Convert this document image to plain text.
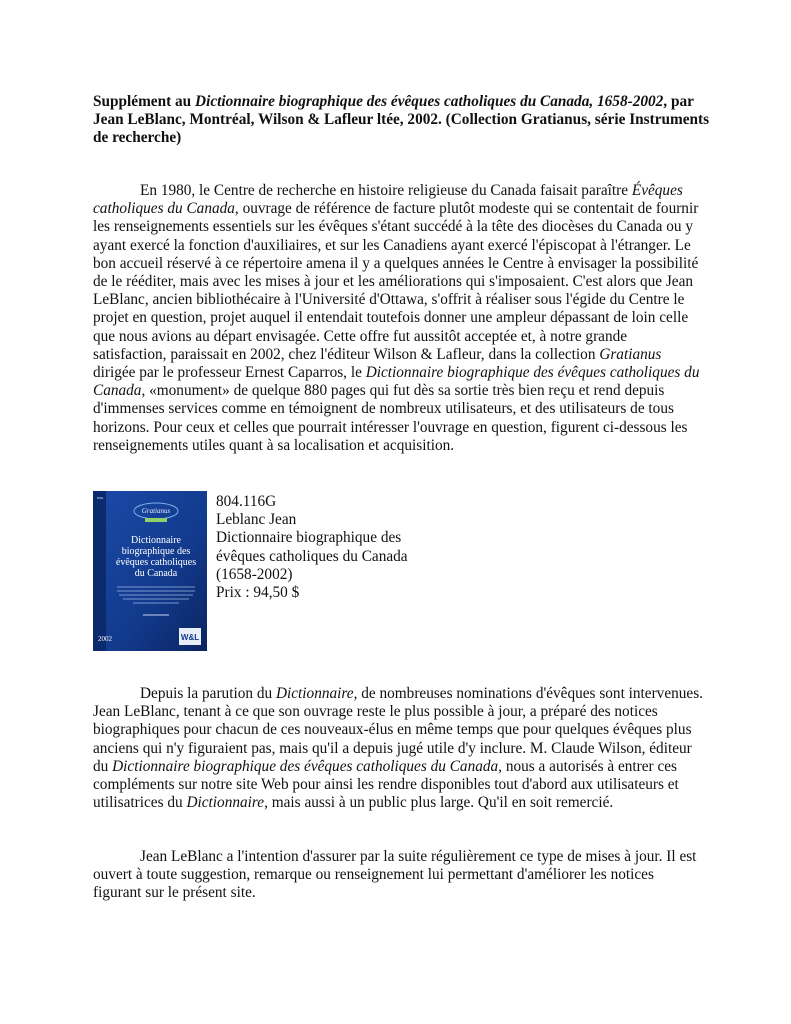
Supplément au Dictionnaire biographique des évêques catholiques du Canada, 1658-2002, par Jean LeBlanc, Montréal, Wilson & Lafleur ltée, 2002. (Collection Gratianus, série Instruments de recherche)

En 1980, le Centre de recherche en histoire religieuse du Canada faisait paraître Évêques catholiques du Canada, ouvrage de référence de facture plutôt modeste qui se contentait de fournir les renseignements essentiels sur les évêques s'étant succédé à la tête des diocèses du Canada ou y ayant exercé la fonction d'auxiliaires, et sur les Canadiens ayant exercé l'épiscopat à l'étranger. Le bon accueil réservé à ce répertoire amena il y a quelques années le Centre à envisager la possibilité de le rééditer, mais avec les mises à jour et les améliorations qui s'imposaient. C'est alors que Jean LeBlanc, ancien bibliothécaire à l'Université d'Ottawa, s'offrit à réaliser sous l'égide du Centre le projet en question, projet auquel il entendait toutefois donner une ampleur dépassant de loin celle que nous avions au départ envisagée. Cette offre fut aussitôt acceptée et, à notre grande satisfaction, paraissait en 2002, chez l'éditeur Wilson & Lafleur, dans la collection Gratianus dirigée par le professeur Ernest Caparros, le Dictionnaire biographique des évêques catholiques du Canada, «monument» de quelque 880 pages qui fut dès sa sortie très bien reçu et rend depuis d'immenses services comme en témoignent de nombreux utilisateurs, et des utilisateurs de tous horizons. Pour ceux et celles que pourrait intéresser l'ouvrage en question, figurent ci-dessous les renseignements utiles quant à sa localisation et acquisition.

BIBL.
Gratianus
Dictionnaire
biographique des
évêques catholiques
du Canada
2002	W&L
804.116G
Leblanc Jean
Dictionnaire biographique des
évêques catholiques du Canada
(1658-2002)
Prix : 94,50 $

Depuis la parution du Dictionnaire, de nombreuses nominations d'évêques sont intervenues. Jean LeBlanc, tenant à ce que son ouvrage reste le plus possible à jour, a préparé des notices biographiques pour chacun de ces nouveaux-élus en même temps que pour quelques évêques plus anciens qui n'y figuraient pas, mais qu'il a depuis jugé utile d'y inclure. M. Claude Wilson, éditeur du Dictionnaire biographique des évêques catholiques du Canada, nous a autorisés à entrer ces compléments sur notre site Web pour ainsi les rendre disponibles tout d'abord aux utilisateurs et utilisatrices du Dictionnaire, mais aussi à un public plus large. Qu'il en soit remercié.

Jean LeBlanc a l'intention d'assurer par la suite régulièrement ce type de mises à jour. Il est ouvert à toute suggestion, remarque ou renseignement lui permettant d'améliorer les notices figurant sur le présent site.
